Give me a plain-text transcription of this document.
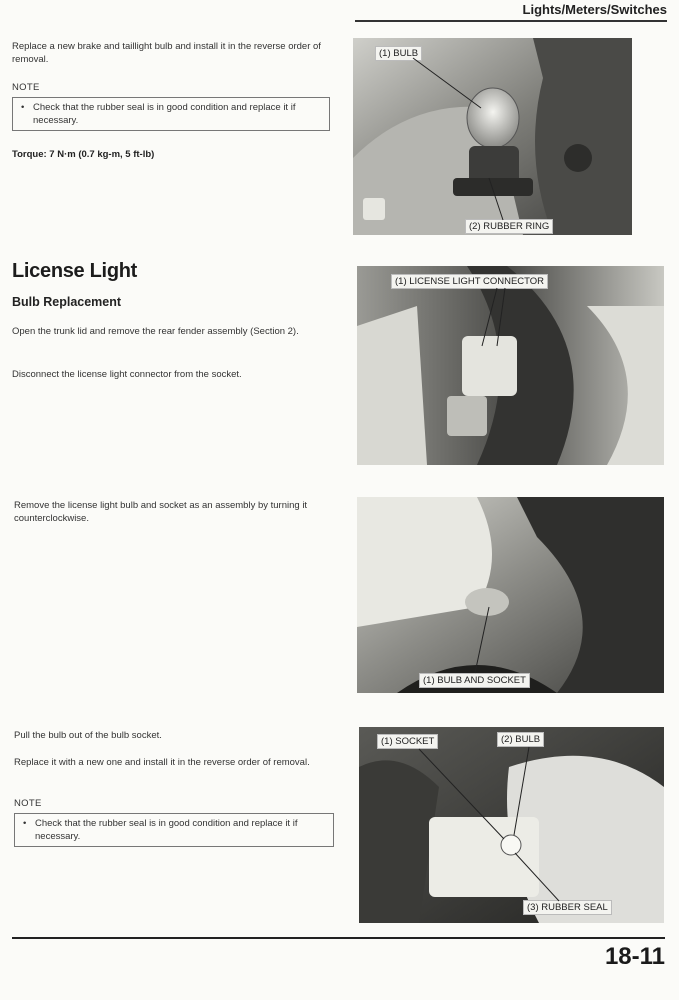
Lights/Meters/Switches

Replace a new brake and taillight bulb and install it in the reverse order of removal.

NOTE
• Check that the rubber seal is in good condition and replace it if necessary.
Torque: 7 N·m (0.7 kg-m, 5 ft-lb)
(1) BULB
(2) RUBBER RING
License Light
Bulb Replacement

Open the trunk lid and remove the rear fender assembly (Section 2).

Disconnect the license light connector from the socket.

(1) LICENSE LIGHT CONNECTOR

Remove the license light bulb and socket as an assembly by turning it counterclockwise.

(1) BULB AND SOCKET

Pull the bulb out of the bulb socket.

Replace it with a new one and install it in the reverse order of removal.

NOTE
• Check that the rubber seal is in good condition and replace it if necessary.
(1) SOCKET	(2) BULB
(3) RUBBER SEAL
18-11
